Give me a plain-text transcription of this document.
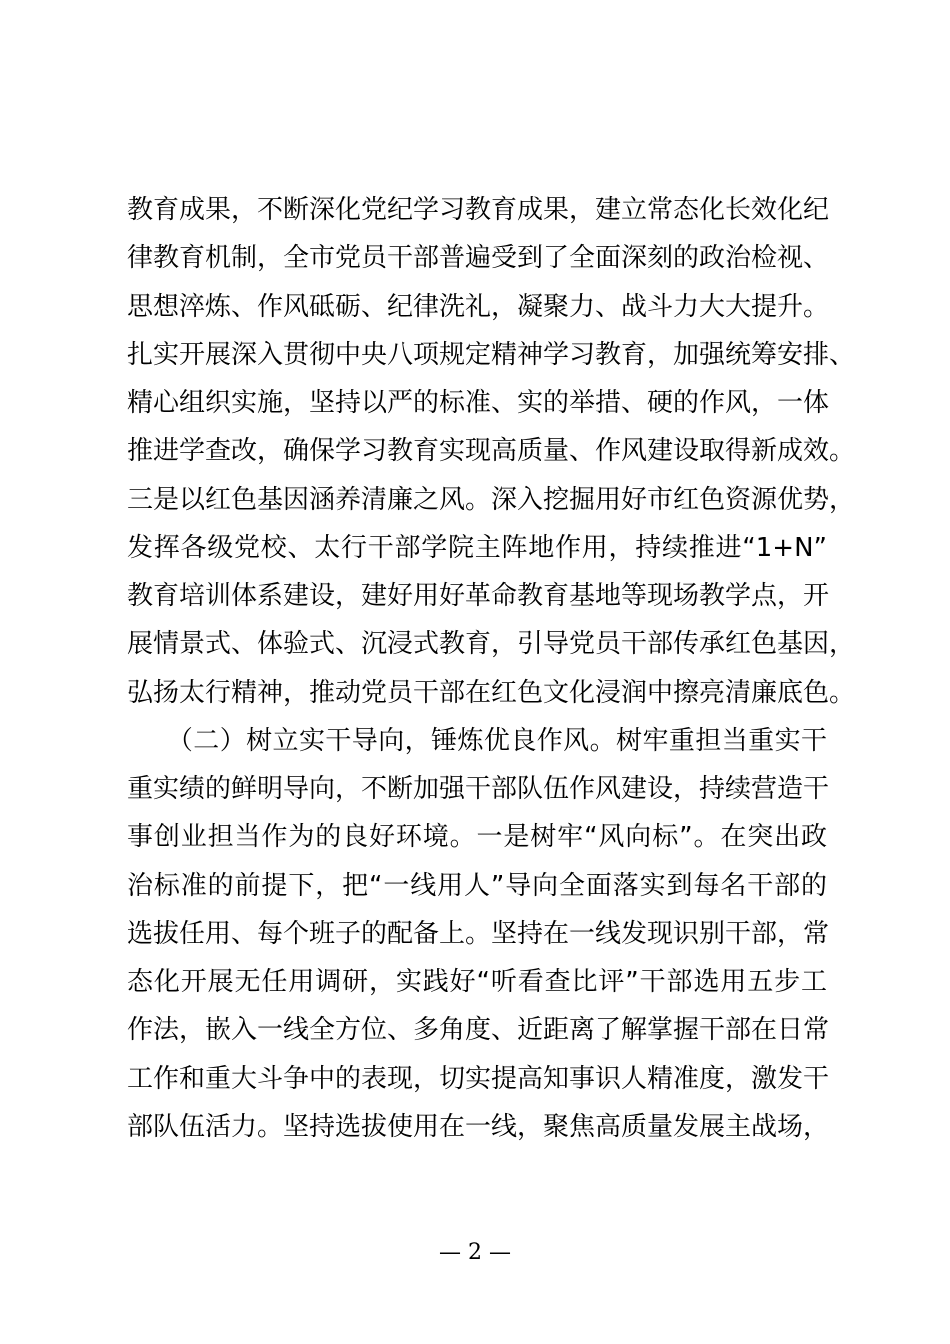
教育成果，不断深化党纪学习教育成果，建立常态化长效化纪
律教育机制，全市党员干部普遍受到了全面深刻的政治检视、
思想淬炼、作风砥砺、纪律洗礼，凝聚力、战斗力大大提升。
扎实开展深入贯彻中央八项规定精神学习教育，加强统筹安排、
精心组织实施，坚持以严的标准、实的举措、硬的作风，一体
推进学查改，确保学习教育实现高质量、作风建设取得新成效。
三是以红色基因涵养清廉之风。深入挖掘用好市红色资源优势，
发挥各级党校、太行干部学院主阵地作用，持续推进“1+N”
教育培训体系建设，建好用好革命教育基地等现场教学点，开
展情景式、体验式、沉浸式教育，引导党员干部传承红色基因，
弘扬太行精神，推动党员干部在红色文化浸润中擦亮清廉底色。
　　（二）树立实干导向，锤炼优良作风。树牢重担当重实干
重实绩的鲜明导向，不断加强干部队伍作风建设，持续营造干
事创业担当作为的良好环境。一是树牢“风向标”。在突出政
治标准的前提下，把“一线用人”导向全面落实到每名干部的
选拔任用、每个班子的配备上。坚持在一线发现识别干部，常
态化开展无任用调研，实践好“听看查比评”干部选用五步工
作法，嵌入一线全方位、多角度、近距离了解掌握干部在日常
工作和重大斗争中的表现，切实提高知事识人精准度，激发干
部队伍活力。坚持选拔使用在一线，聚焦高质量发展主战场，
— 2 —
